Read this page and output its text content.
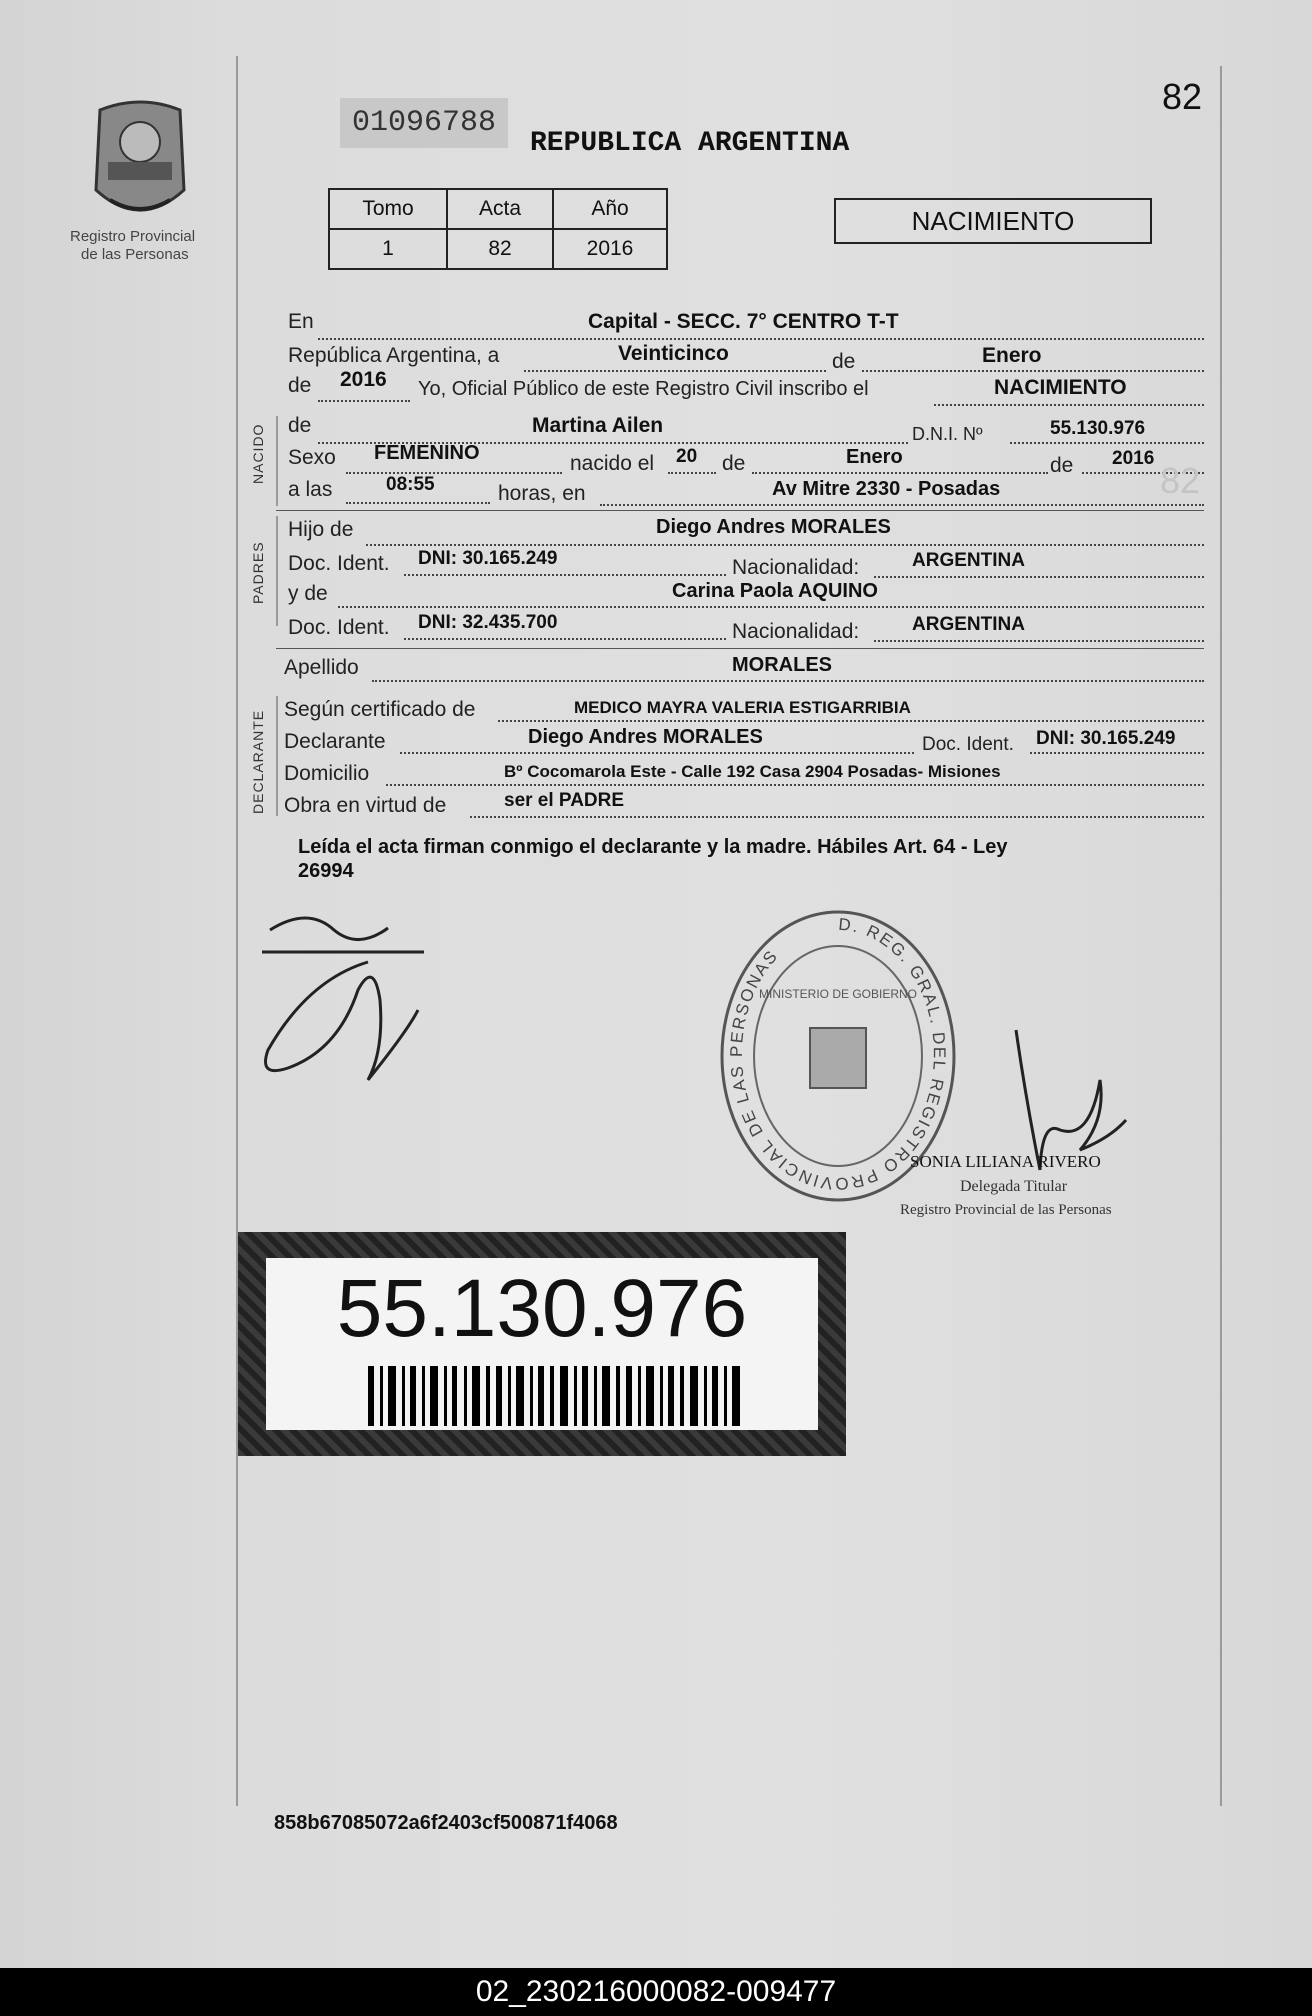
Registro Provincial
de las Personas
01096788
REPUBLICA ARGENTINA
82
Tomo	Acta	Año
1	82	2016
NACIMIENTO
En	Capital - SECC. 7° CENTRO T-T
República Argentina, a	Veinticinco	de	Enero
de 2016 Yo, Oficial Público de este Registro Civil inscribo el	NACIMIENTO
NACIDO
PADRES
DECLARANTE
de	Martina Ailen	D.N.I. Nº	55.130.976
Sexo FEMENINO	nacido el 20 de	Enero	de 2016
82
a las	08:55	horas, en	Av Mitre 2330 - Posadas
Hijo de	Diego Andres MORALES
Doc. Ident. DNI: 30.165.249	Nacionalidad:	ARGENTINA
y de	Carina Paola AQUINO
Doc. Ident. DNI: 32.435.700	Nacionalidad:	ARGENTINA
Apellido	MORALES
Según certificado de	MEDICO MAYRA VALERIA ESTIGARRIBIA
Declarante	Diego Andres MORALES	Doc. Ident. DNI: 30.165.249
Domicilio	Bº Cocomarola Este - Calle 192 Casa 2904 Posadas- Misiones
Obra en virtud de	ser el PADRE
Leída el acta firman conmigo el declarante y la madre. Hábiles Art. 64 - Ley
26994
D. REG. GRAL. DEL REGISTRO PROVINCIAL DE LAS PERSONAS
MINISTERIO DE GOBIERNO
SONIA LILIANA RIVERO
Delegada Titular
Registro Provincial de las Personas
55.130.976
858b67085072a6f2403cf500871f4068
02_230216000082-009477
